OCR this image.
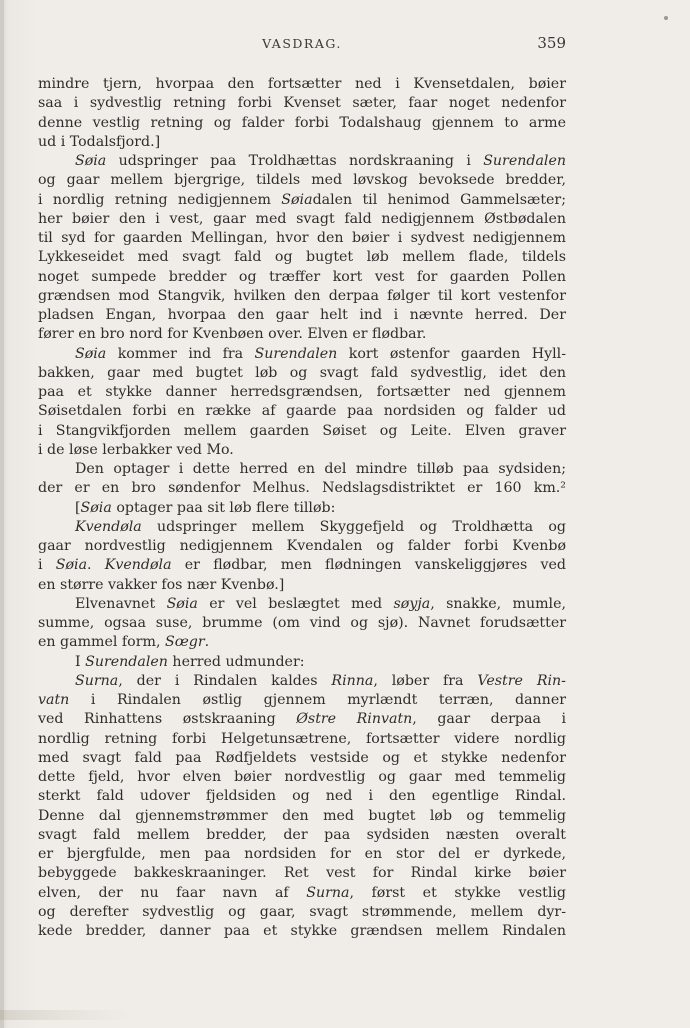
VASDRAG.	359
mindre tjern, hvorpaa den fortsætter ned i Kvensetdalen, bøier
saa i sydvestlig retning forbi Kvenset sæter, faar noget nedenfor
denne vestlig retning og falder forbi Todalshaug gjennem to arme
ud i Todalsfjord.]
Søia udspringer paa Troldhættas nordskraaning i Surendalen
og gaar mellem bjergrige, tildels med løvskog bevoksede bredder,
i nordlig retning nedigjennem Søiadalen til henimod Gammelsæter;
her bøier den i vest, gaar med svagt fald nedigjennem Østbødalen
til syd for gaarden Mellingan, hvor den bøier i sydvest nedigjennem
Lykkeseidet med svagt fald og bugtet løb mellem flade, tildels
noget sumpede bredder og træffer kort vest for gaarden Pollen
grændsen mod Stangvik, hvilken den derpaa følger til kort vestenfor
pladsen Engan, hvorpaa den gaar helt ind i nævnte herred. Der
fører en bro nord for Kvenbøen over. Elven er flødbar.
Søia kommer ind fra Surendalen kort østenfor gaarden Hyll-
bakken, gaar med bugtet løb og svagt fald sydvestlig, idet den
paa et stykke danner herredsgrændsen, fortsætter ned gjennem
Søisetdalen forbi en række af gaarde paa nordsiden og falder ud
i Stangvikfjorden mellem gaarden Søiset og Leite. Elven graver
i de løse lerbakker ved Mo.
Den optager i dette herred en del mindre tilløb paa sydsiden;
der er en bro søndenfor Melhus. Nedslagsdistriktet er 160 km.²
[Søia optager paa sit løb flere tilløb:
Kvendøla udspringer mellem Skyggefjeld og Troldhætta og
gaar nordvestlig nedigjennem Kvendalen og falder forbi Kvenbø
i Søia. Kvendøla er flødbar, men flødningen vanskeliggjøres ved
en større vakker fos nær Kvenbø.]
Elvenavnet Søia er vel beslægtet med søyja, snakke, mumle,
summe, ogsaa suse, brumme (om vind og sjø). Navnet forudsætter
en gammel form, Sœgr.
I Surendalen herred udmunder:
Surna, der i Rindalen kaldes Rinna, løber fra Vestre Rin-
vatn i Rindalen østlig gjennem myrlændt terræn, danner
ved Rinhattens østskraaning Østre Rinvatn, gaar derpaa i
nordlig retning forbi Helgetunsætrene, fortsætter videre nordlig
med svagt fald paa Rødfjeldets vestside og et stykke nedenfor
dette fjeld, hvor elven bøier nordvestlig og gaar med temmelig
sterkt fald udover fjeldsiden og ned i den egentlige Rindal.
Denne dal gjennemstrømmer den med bugtet løb og temmelig
svagt fald mellem bredder, der paa sydsiden næsten overalt
er bjergfulde, men paa nordsiden for en stor del er dyrkede,
bebyggede bakkeskraaninger. Ret vest for Rindal kirke bøier
elven, der nu faar navn af Surna, først et stykke vestlig
og derefter sydvestlig og gaar, svagt strømmende, mellem dyr-
kede bredder, danner paa et stykke grændsen mellem Rindalen
